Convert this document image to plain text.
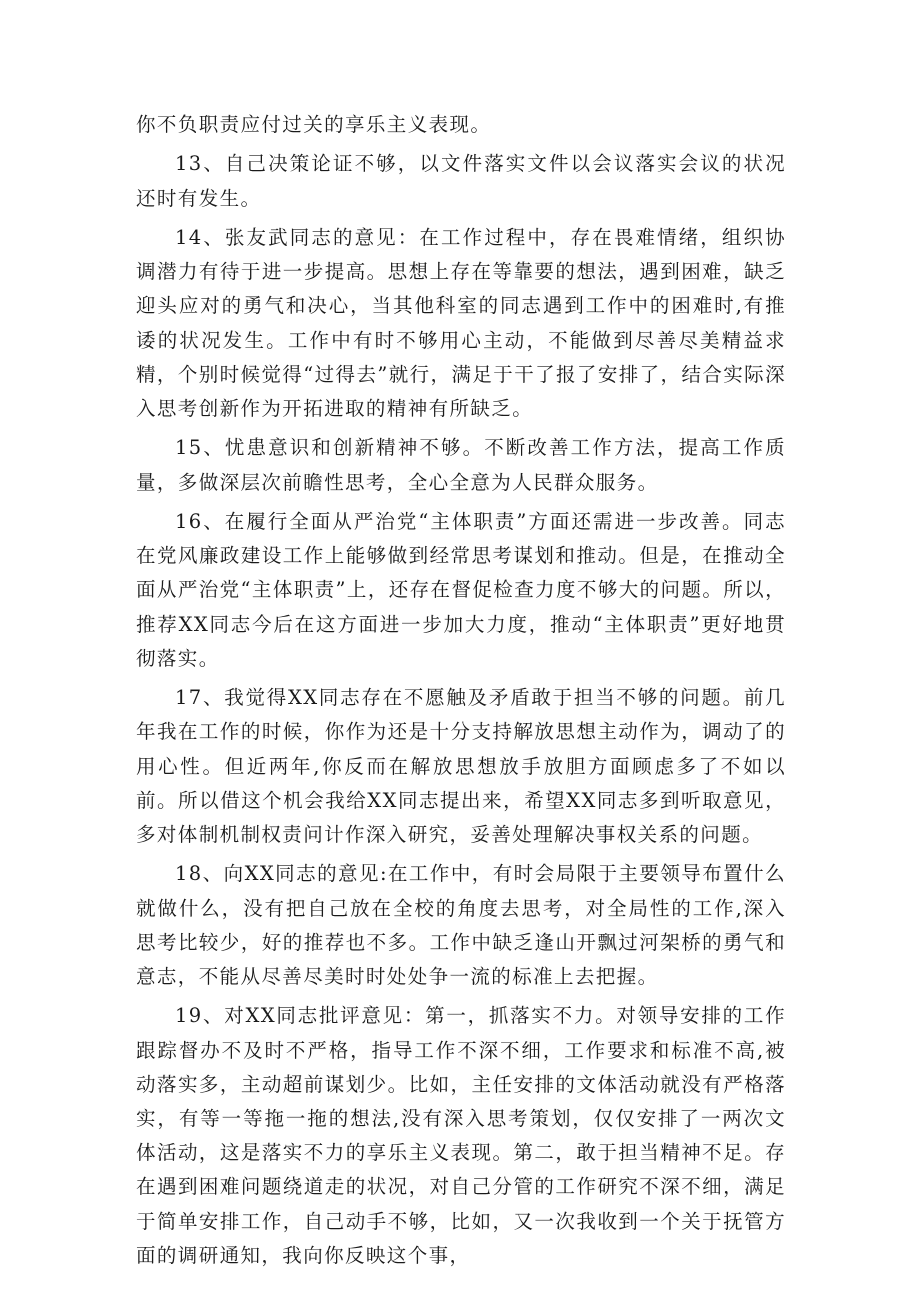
你不负职责应付过关的享乐主义表现。

13、自己决策论证不够，以文件落实文件以会议落实会议的状况还时有发生。

14、张友武同志的意见：在工作过程中，存在畏难情绪，组织协调潜力有待于进一步提高。思想上存在等靠要的想法，遇到困难，缺乏迎头应对的勇气和决心，当其他科室的同志遇到工作中的困难时,有推诿的状况发生。工作中有时不够用心主动，不能做到尽善尽美精益求精，个别时候觉得“过得去”就行，满足于干了报了安排了，结合实际深入思考创新作为开拓进取的精神有所缺乏。

15、忧患意识和创新精神不够。不断改善工作方法，提高工作质量，多做深层次前瞻性思考，全心全意为人民群众服务。

16、在履行全面从严治党“主体职责”方面还需进一步改善。同志在党风廉政建设工作上能够做到经常思考谋划和推动。但是，在推动全面从严治党“主体职责”上，还存在督促检查力度不够大的问题。所以，推荐XX同志今后在这方面进一步加大力度，推动“主体职责”更好地贯彻落实。

17、我觉得XX同志存在不愿触及矛盾敢于担当不够的问题。前几年我在工作的时候，你作为还是十分支持解放思想主动作为，调动了的用心性。但近两年,你反而在解放思想放手放胆方面顾虑多了不如以前。所以借这个机会我给XX同志提出来，希望XX同志多到听取意见，多对体制机制权责问计作深入研究，妥善处理解决事权关系的问题。

18、向XX同志的意见:在工作中，有时会局限于主要领导布置什么就做什么，没有把自己放在全校的角度去思考，对全局性的工作,深入思考比较少，好的推荐也不多。工作中缺乏逢山开飘过河架桥的勇气和意志，不能从尽善尽美时时处处争一流的标准上去把握。

19、对XX同志批评意见：第一，抓落实不力。对领导安排的工作跟踪督办不及时不严格，指导工作不深不细，工作要求和标准不高,被动落实多，主动超前谋划少。比如，主任安排的文体活动就没有严格落实，有等一等拖一拖的想法,没有深入思考策划，仅仅安排了一两次文体活动，这是落实不力的享乐主义表现。第二，敢于担当精神不足。存在遇到困难问题绕道走的状况，对自己分管的工作研究不深不细，满足于简单安排工作，自己动手不够，比如，又一次我收到一个关于抚管方面的调研通知，我向你反映这个事，
